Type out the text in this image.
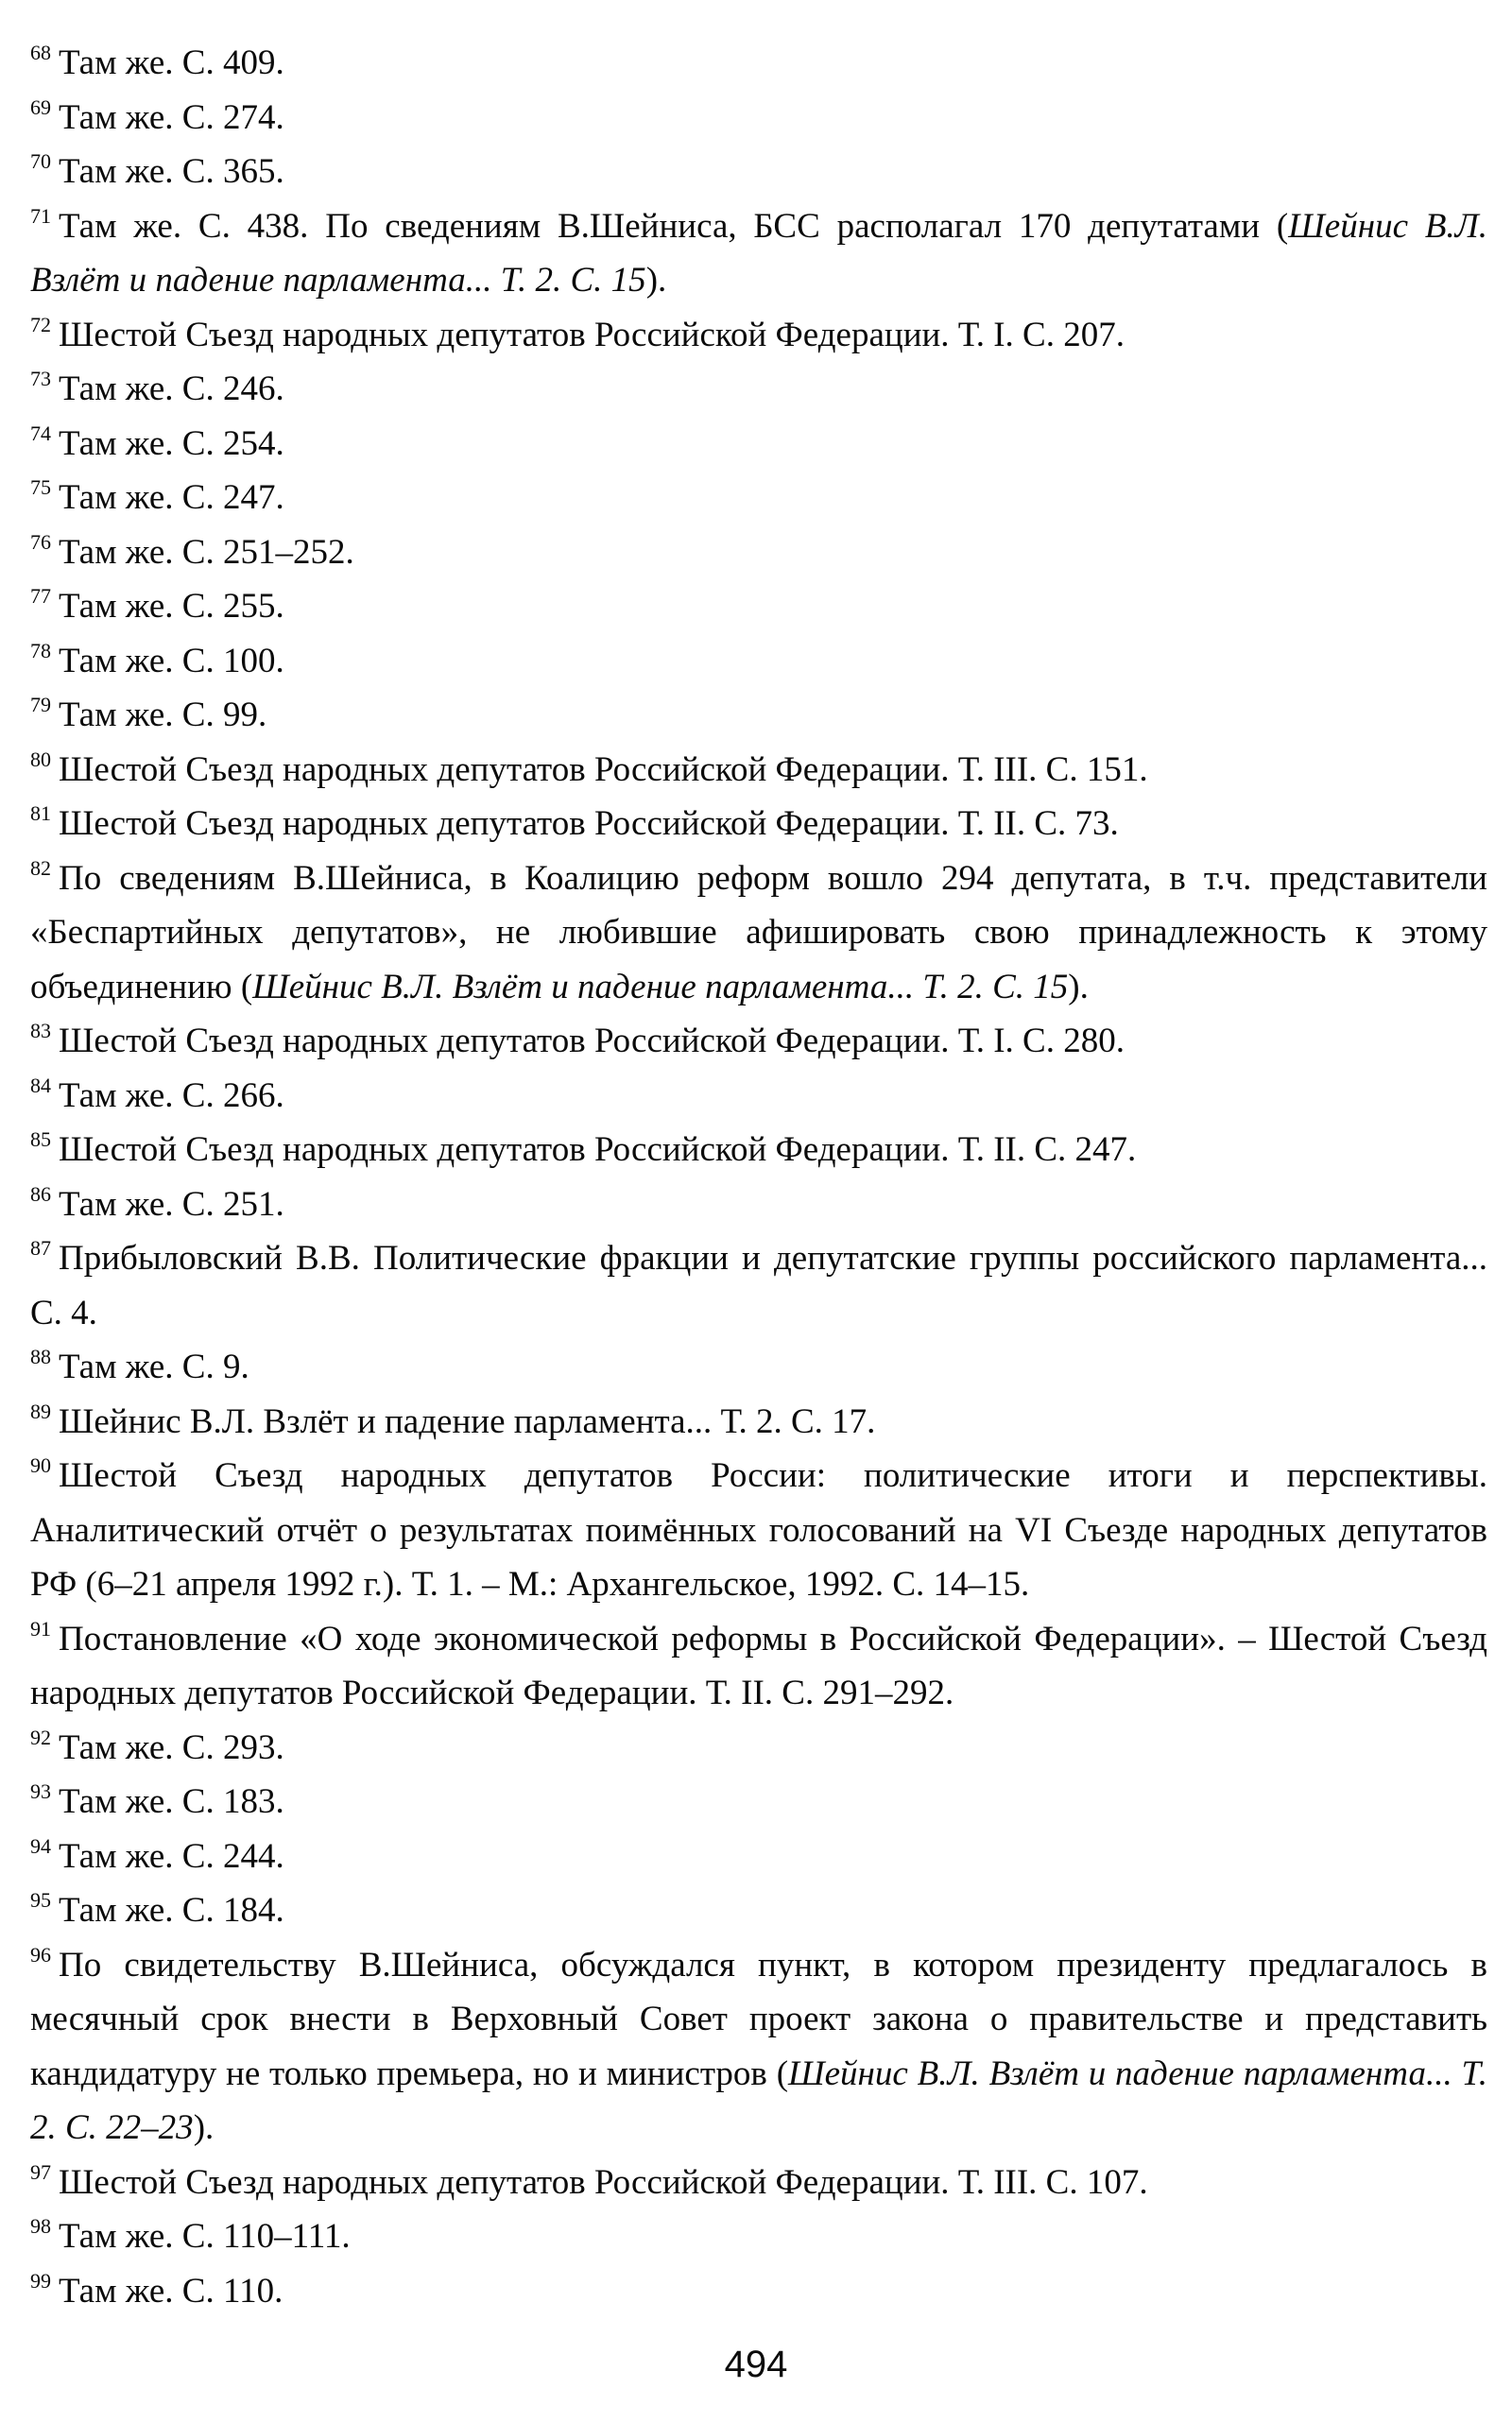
$^{68}$ Там же. С. 409.

$^{69}$ Там же. С. 274.

$^{70}$ Там же. С. 365.

$^{71}$ Там же. С. 438. По сведениям В.Шейниса, БСС располагал 170 депутатами (Шейнис В.Л. Взлёт и падение парламента... Т. 2. С. 15).

$^{72}$ Шестой Съезд народных депутатов Российской Федерации. Т. I. С. 207.

$^{73}$ Там же. С. 246.

$^{74}$ Там же. С. 254.

$^{75}$ Там же. С. 247.

$^{76}$ Там же. С. 251–252.

$^{77}$ Там же. С. 255.

$^{78}$ Там же. С. 100.

$^{79}$ Там же. С. 99.

$^{80}$ Шестой Съезд народных депутатов Российской Федерации. Т. III. С. 151.

$^{81}$ Шестой Съезд народных депутатов Российской Федерации. Т. II. С. 73.

$^{82}$ По сведениям В.Шейниса, в Коалицию реформ вошло 294 депутата, в т.ч. представители «Беспартийных депутатов», не любившие афишировать свою принадлежность к этому объединению (Шейнис В.Л. Взлёт и падение парламента... Т. 2. С. 15).

$^{83}$ Шестой Съезд народных депутатов Российской Федерации. Т. I. С. 280.

$^{84}$ Там же. С. 266.

$^{85}$ Шестой Съезд народных депутатов Российской Федерации. Т. II. С. 247.

$^{86}$ Там же. С. 251.

$^{87}$ Прибыловский В.В. Политические фракции и депутатские группы российского парламента... С. 4.

$^{88}$ Там же. С. 9.

$^{89}$ Шейнис В.Л. Взлёт и падение парламента... Т. 2. С. 17.

$^{90}$ Шестой Съезд народных депутатов России: политические итоги и перспективы. Аналитический отчёт о результатах поимённых голосований на VI Съезде народных депутатов РФ (6–21 апреля 1992 г.). Т. 1. – М.: Архангельское, 1992. С. 14–15.

$^{91}$ Постановление «О ходе экономической реформы в Российской Федерации». – Шестой Съезд народных депутатов Российской Федерации. Т. II. С. 291–292.

$^{92}$ Там же. С. 293.

$^{93}$ Там же. С. 183.

$^{94}$ Там же. С. 244.

$^{95}$ Там же. С. 184.

$^{96}$ По свидетельству В.Шейниса, обсуждался пункт, в котором президенту предлагалось в месячный срок внести в Верховный Совет проект закона о правительстве и представить кандидатуру не только премьера, но и министров (Шейнис В.Л. Взлёт и падение парламента... Т. 2. С. 22–23).

$^{97}$ Шестой Съезд народных депутатов Российской Федерации. Т. III. С. 107.

$^{98}$ Там же. С. 110–111.

$^{99}$ Там же. С. 110.

494
